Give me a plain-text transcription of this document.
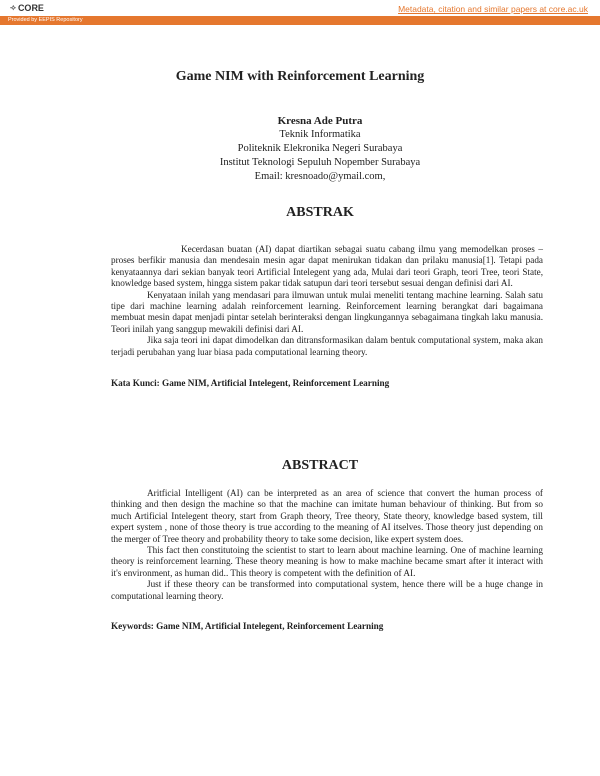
⟢ CORE	Metadata, citation and similar papers at core.ac.uk
Provided by EEPIS Repository
Game NIM with Reinforcement Learning
Kresna Ade Putra
Teknik Informatika
Politeknik Elekronika Negeri Surabaya
Institut Teknologi Sepuluh Nopember Surabaya
Email: kresnoado@ymail.com,
ABSTRAK

Kecerdasan buatan (AI) dapat diartikan sebagai suatu cabang ilmu yang memodelkan proses – proses berfikir manusia dan mendesain mesin agar dapat menirukan tidakan dan prilaku manusia[1]. Tetapi pada kenyataannya dari sekian banyak teori Artificial Intelegent yang ada, Mulai dari teori Graph, teori Tree, teori State, knowledge based system, hingga sistem pakar tidak satupun dari teori tersebut sesuai dengan definisi dari AI.

Kenyataan inilah yang mendasari para ilmuwan untuk mulai meneliti tentang machine learning. Salah satu tipe dari machine learning adalah reinforcement learning. Reinforcement learning berangkat dari bagaimana membuat mesin dapat menjadi pintar setelah berinteraksi dengan lingkungannya sebagaimana tingkah laku manusia. Teori inilah yang sanggup mewakili definisi dari AI.

Jika saja teori ini dapat dimodelkan dan ditransformasikan dalam bentuk computational system, maka akan terjadi perubahan yang luar biasa pada computational learning theory.

Kata Kunci: Game NIM, Artificial Intelegent, Reinforcement Learning
ABSTRACT

Aritficial Intelligent (AI) can be interpreted as an area of science that convert the human process of thinking and then design the machine so that the machine can imitate human behaviour of thinking. But from so much Artificial Intelegent theory, start from Graph theory, Tree theory, State theory, knowledge based system, till expert system , none of those theory is true according to the meaning of AI itselves. Those theory just depending on the merger of Tree theory and probability theory to take some decision, like expert system does.

This fact then constitutoing the scientist to start to learn about machine learning. One of machine learning theory is reinforcement learning. These theory meaning is how to make machine became smart after it interact with it's environment, as human did.. This theory is competent with the definition of AI.

Just if these theory can be transformed into computational system, hence there will be a huge change in computational learning theory.

Keywords: Game NIM, Artificial Intelegent, Reinforcement Learning
